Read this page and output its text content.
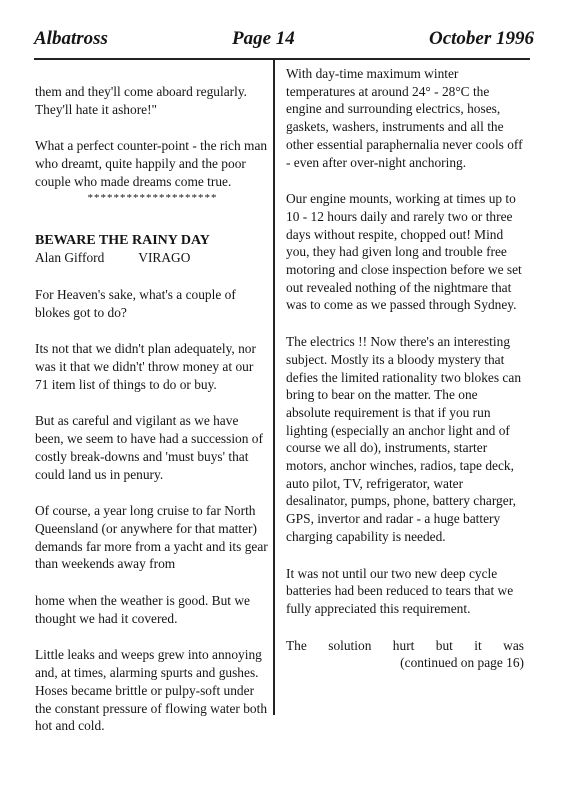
Albatross	Page 14	October 1996

them and they'll come aboard regularly. They'll hate it ashore!"

What a perfect counter-point - the rich man who dreamt, quite happily and the poor couple who made dreams come true.

********************
BEWARE THE RAINY DAY

Alan Gifford	VIRAGO

For Heaven's sake, what's a couple of blokes got to do?

Its not that we didn't plan adequately, nor was it that we didn't' throw money at our 71 item list of things to do or buy.

But as careful and vigilant as we have been, we seem to have had a succession of costly break-downs and 'must buys' that could land us in penury.

Of course, a year long cruise to far North Queensland (or anywhere for that matter) demands far more from a yacht and its gear than weekends away from

home when the weather is good. But we thought we had it covered.

Little leaks and weeps grew into annoying and, at times, alarming spurts and gushes. Hoses became brittle or pulpy-soft under the constant pressure of flowing water both hot and cold.

With day-time maximum winter temperatures at around 24° - 28°C the engine and surrounding electrics, hoses, gaskets, washers, instruments and all the other essential paraphernalia never cools off - even after over-night anchoring.

Our engine mounts, working at times up to 10 - 12 hours daily and rarely two or three days without respite, chopped out! Mind you, they had given long and trouble free motoring and close inspection before we set out revealed nothing of the nightmare that was to come as we passed through Sydney.

The electrics !! Now there's an interesting subject. Mostly its a bloody mystery that defies the limited rationality two blokes can bring to bear on the matter. The one absolute requirement is that if you run lighting (especially an anchor light and of course we all do), instruments, starter motors, anchor winches, radios, tape deck, auto pilot, TV, refrigerator, water desalinator, pumps, phone, battery charger, GPS, invertor and radar - a huge battery charging capability is needed.

It was not until our two new deep cycle batteries had been reduced to tears that we fully appreciated this requirement.

The solution hurt but it was

(continued on page 16)
